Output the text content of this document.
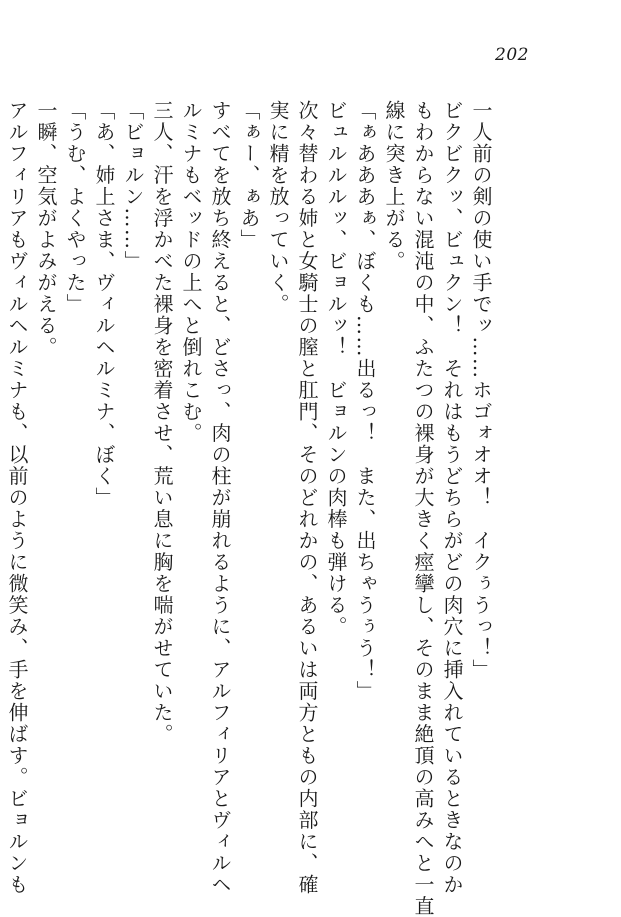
202
一人前の剣の使い手でッ……ホゴォオオ！　イクぅうっ！」
ビクビクッ、ビュクン！　それはもうどちらがどの肉穴に挿入れているときなのか
もわからない混沌の中、ふたつの裸身が大きく痙攣し、そのまま絶頂の高みへと一直
線に突き上がる。
「ぁあああぁ、ぼくも……出るっ！　また、出ちゃうぅう！」
ビュルルルッ、ビョルッ！　ビョルンの肉棒も弾ける。
次々替わる姉と女騎士の膣と肛門、そのどれかの、あるいは両方ともの内部に、確
実に精を放っていく。
「ぁー、ぁあ」
すべてを放ち終えると、どさっ、肉の柱が崩れるように、アルフィリアとヴィルヘ
ルミナもベッドの上へと倒れこむ。
三人、汗を浮かべた裸身を密着させ、荒い息に胸を喘がせていた。
「ビョルン……」
「あ、姉上さま、ヴィルヘルミナ、ぼく」
「うむ、よくやった」
一瞬、空気がよみがえる。
アルフィリアもヴィルヘルミナも、以前のように微笑み、手を伸ばす。ビョルンも
